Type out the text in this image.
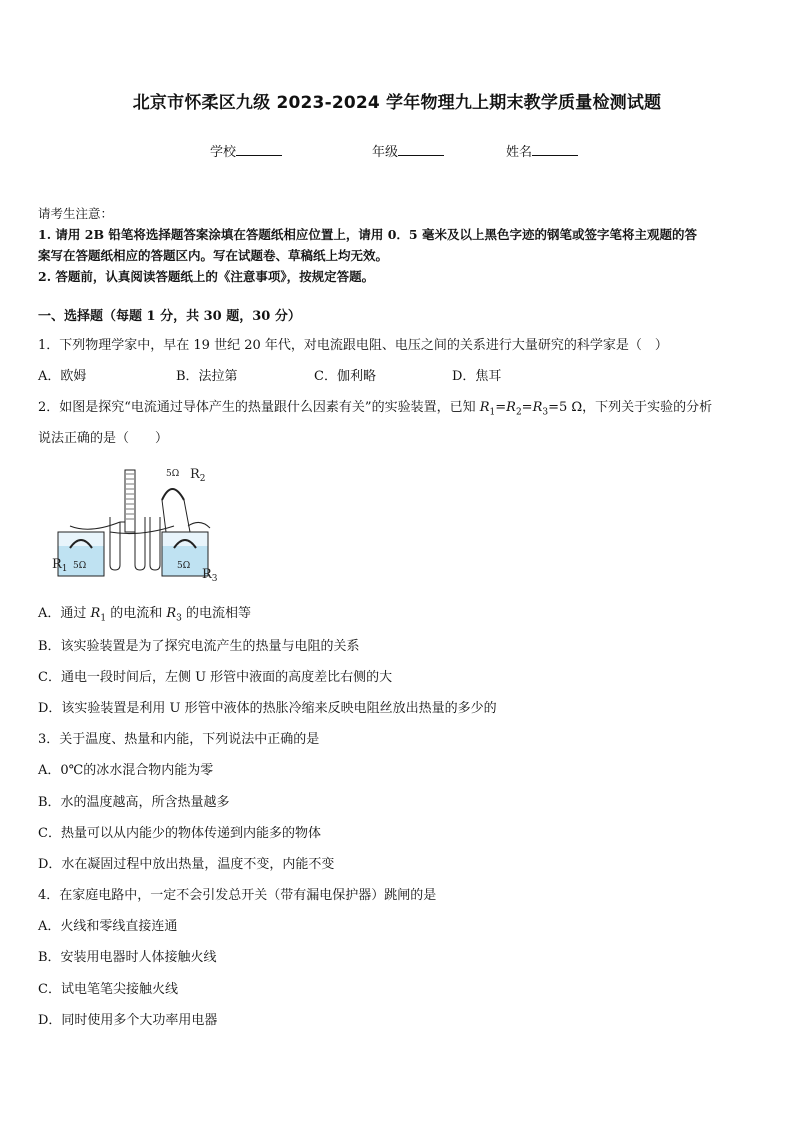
北京市怀柔区九级 2023-2024 学年物理九上期末教学质量检测试题
学校	年级	姓名
请考生注意：
1. 请用 2B 铅笔将选择题答案涂填在答题纸相应位置上，请用 0．5 毫米及以上黑色字迹的钢笔或签字笔将主观题的答
案写在答题纸相应的答题区内。写在试题卷、草稿纸上均无效。
2. 答题前，认真阅读答题纸上的《注意事项》，按规定答题。
一、选择题（每题 1 分，共 30 题，30 分）
1．下列物理学家中，早在 19 世纪 20 年代，对电流跟电阻、电压之间的关系进行大量研究的科学家是（　）
A．欧姆	B．法拉第	C．伽利略	D．焦耳
2．如图是探究“电流通过导体产生的热量跟什么因素有关”的实验装置，已知 $R_1=R_2=R_3=5$ Ω，下列关于实验的分析
说法正确的是（　　）
5Ω $R_2$
5Ω	5Ω
$R_1$	$R_3$
A．通过 $R_1$ 的电流和 $R_3$ 的电流相等
B．该实验装置是为了探究电流产生的热量与电阻的关系
C．通电一段时间后，左侧 U 形管中液面的高度差比右侧的大
D．该实验装置是利用 U 形管中液体的热胀冷缩来反映电阻丝放出热量的多少的
3．关于温度、热量和内能，下列说法中正确的是
A．0℃的冰水混合物内能为零
B．水的温度越高，所含热量越多
C．热量可以从内能少的物体传递到内能多的物体
D．水在凝固过程中放出热量，温度不变，内能不变
4．在家庭电路中，一定不会引发总开关（带有漏电保护器）跳闸的是
A．火线和零线直接连通
B．安装用电器时人体接触火线
C．试电笔笔尖接触火线
D．同时使用多个大功率用电器
